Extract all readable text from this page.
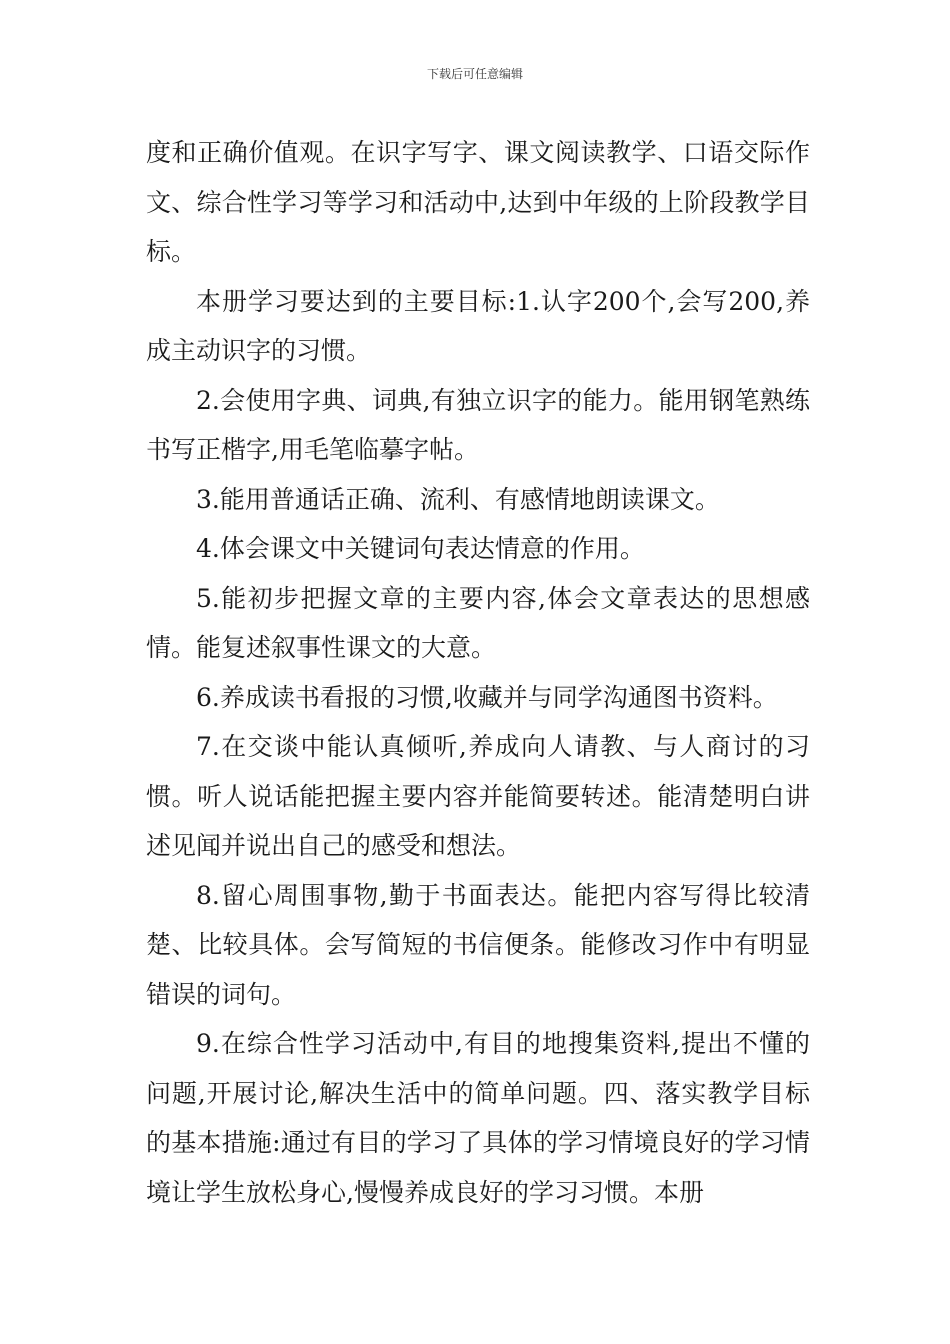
下载后可任意编辑

度和正确价值观。在识字写字、课文阅读教学、口语交际作文、综合性学习等学习和活动中,达到中年级的上阶段教学目标。

本册学习要达到的主要目标:1.认字200个,会写200,养成主动识字的习惯。

2.会使用字典、词典,有独立识字的能力。能用钢笔熟练书写正楷字,用毛笔临摹字帖。

3.能用普通话正确、流利、有感情地朗读课文。

4.体会课文中关键词句表达情意的作用。

5.能初步把握文章的主要内容,体会文章表达的思想感情。能复述叙事性课文的大意。

6.养成读书看报的习惯,收藏并与同学沟通图书资料。

7.在交谈中能认真倾听,养成向人请教、与人商讨的习惯。听人说话能把握主要内容并能简要转述。能清楚明白讲述见闻并说出自己的感受和想法。

8.留心周围事物,勤于书面表达。能把内容写得比较清楚、比较具体。会写简短的书信便条。能修改习作中有明显错误的词句。

9.在综合性学习活动中,有目的地搜集资料,提出不懂的问题,开展讨论,解决生活中的简单问题。四、落实教学目标的基本措施:通过有目的学习了具体的学习情境良好的学习情境让学生放松身心,慢慢养成良好的学习习惯。本册
